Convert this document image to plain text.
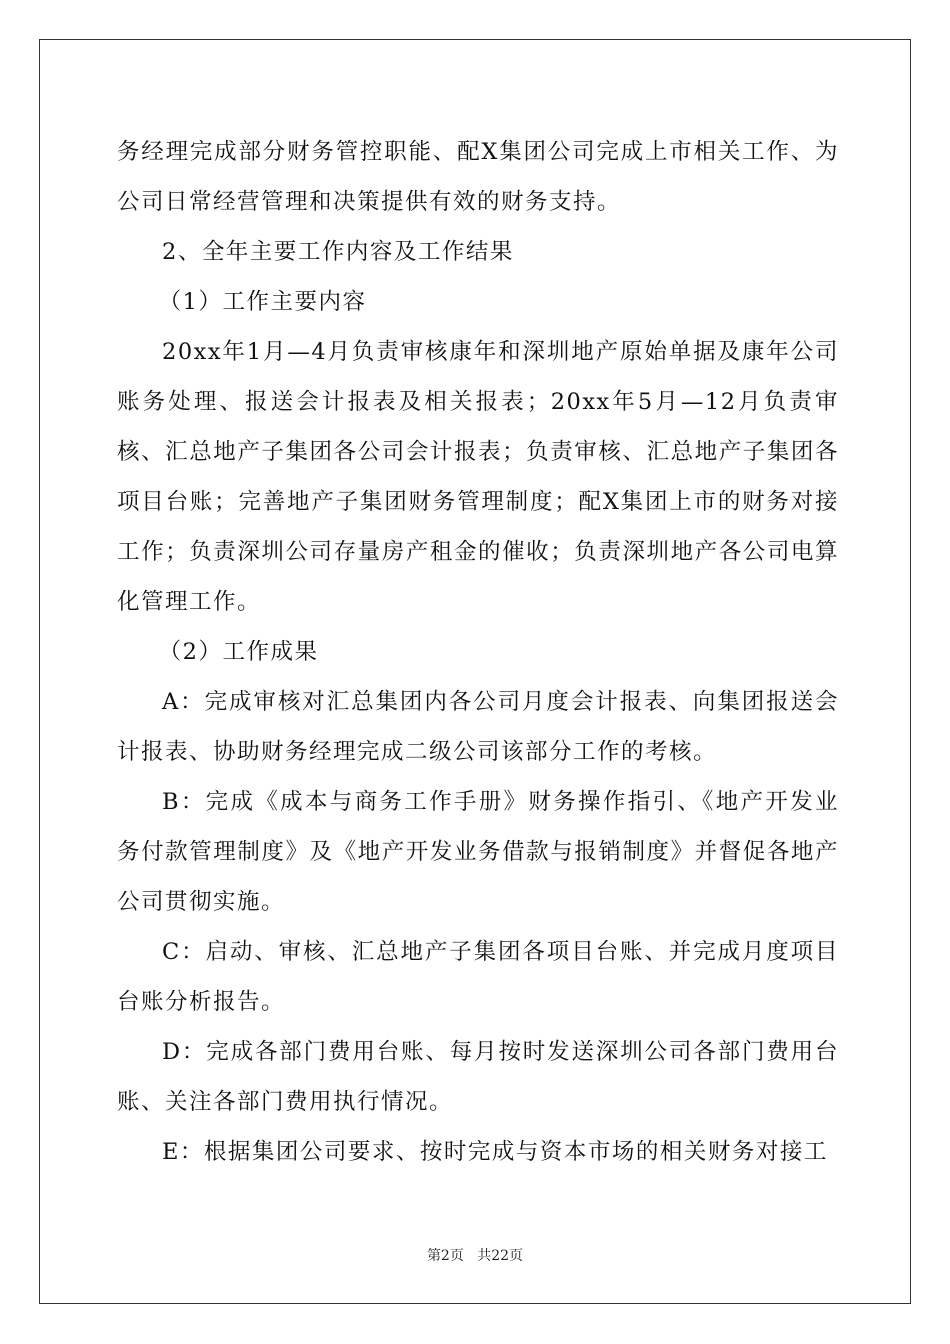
务经理完成部分财务管控职能、配X集团公司完成上市相关工作、为公司日常经营管理和决策提供有效的财务支持。

2、全年主要工作内容及工作结果

（1）工作主要内容

20xx年1月—4月负责审核康年和深圳地产原始单据及康年公司账务处理、报送会计报表及相关报表；20xx年5月—12月负责审核、汇总地产子集团各公司会计报表；负责审核、汇总地产子集团各项目台账；完善地产子集团财务管理制度；配X集团上市的财务对接工作；负责深圳公司存量房产租金的催收；负责深圳地产各公司电算化管理工作。

（2）工作成果

A：完成审核对汇总集团内各公司月度会计报表、向集团报送会计报表、协助财务经理完成二级公司该部分工作的考核。

B：完成《成本与商务工作手册》财务操作指引、《地产开发业务付款管理制度》及《地产开发业务借款与报销制度》并督促各地产公司贯彻实施。

C：启动、审核、汇总地产子集团各项目台账、并完成月度项目台账分析报告。

D：完成各部门费用台账、每月按时发送深圳公司各部门费用台账、关注各部门费用执行情况。

E：根据集团公司要求、按时完成与资本市场的相关财务对接工

第2页 共22页
